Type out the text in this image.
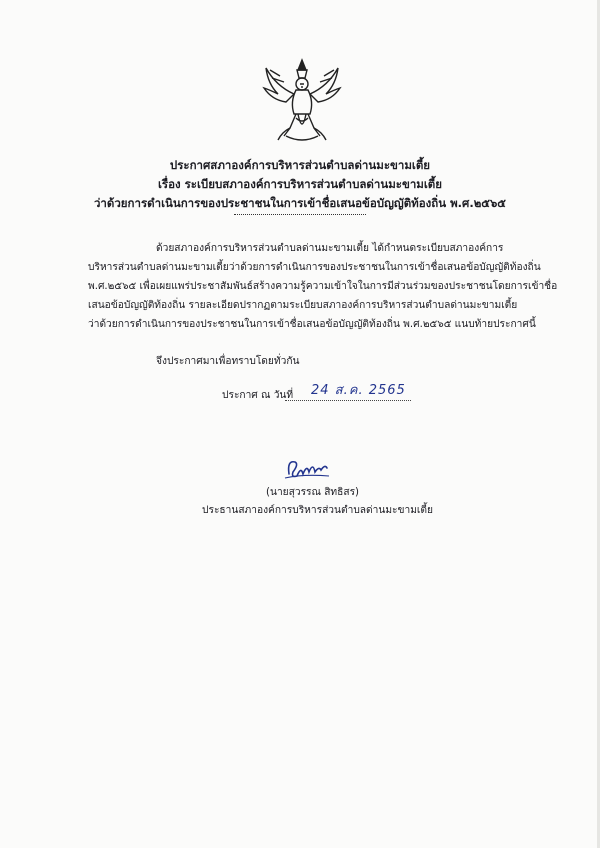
ประกาศสภาองค์การบริหารส่วนตำบลด่านมะขามเตี้ย
เรื่อง ระเบียบสภาองค์การบริหารส่วนตำบลด่านมะขามเตี้ย
ว่าด้วยการดำเนินการของประชาชนในการเข้าชื่อเสนอข้อบัญญัติท้องถิ่น พ.ศ.๒๕๖๕
ด้วยสภาองค์การบริหารส่วนตำบลด่านมะขามเตี้ย ได้กำหนดระเบียบสภาองค์การ
บริหารส่วนตำบลด่านมะขามเตี้ยว่าด้วยการดำเนินการของประชาชนในการเข้าชื่อเสนอข้อบัญญัติท้องถิ่น
พ.ศ.๒๕๖๕ เพื่อเผยแพร่ประชาสัมพันธ์สร้างความรู้ความเข้าใจในการมีส่วนร่วมของประชาชนโดยการเข้าชื่อ
เสนอข้อบัญญัติท้องถิ่น รายละเอียดปรากฏตามระเบียบสภาองค์การบริหารส่วนตำบลด่านมะขามเตี้ย
ว่าด้วยการดำเนินการของประชาชนในการเข้าชื่อเสนอข้อบัญญัติท้องถิ่น พ.ศ.๒๕๖๕ แนบท้ายประกาศนี้
จึงประกาศมาเพื่อทราบโดยทั่วกัน
ประกาศ ณ วันที่ 24 ส.ค. 2565
(นายสุวรรณ สิทธิสร)
ประธานสภาองค์การบริหารส่วนตำบลด่านมะขามเตี้ย
